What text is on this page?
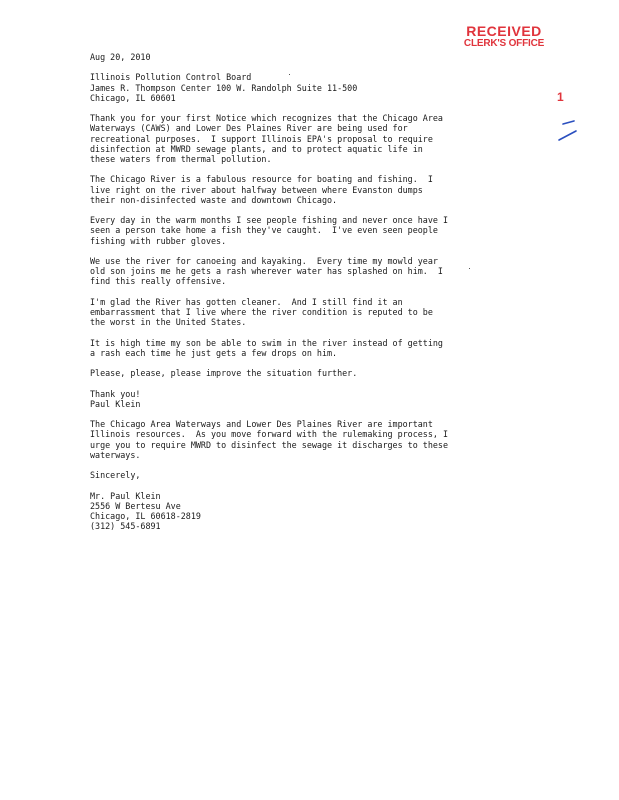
RECEIVED
CLERK'S OFFICE
1

Aug 20, 2010

Illinois Pollution Control Board

James R. Thompson Center 100 W. Randolph Suite 11-500

Chicago, IL 60601

Thank you for your first Notice which recognizes that the Chicago Area

Waterways (CAWS) and Lower Des Plaines River are being used for

recreational purposes.  I support Illinois EPA's proposal to require

disinfection at MWRD sewage plants, and to protect aquatic life in

these waters from thermal pollution.

The Chicago River is a fabulous resource for boating and fishing.  I

live right on the river about halfway between where Evanston dumps

their non-disinfected waste and downtown Chicago.

Every day in the warm months I see people fishing and never once have I

seen a person take home a fish they've caught.  I've even seen people

fishing with rubber gloves.

We use the river for canoeing and kayaking.  Every time my mowld year

old son joins me he gets a rash wherever water has splashed on him.  I

find this really offensive.

I'm glad the River has gotten cleaner.  And I still find it an

embarrassment that I live where the river condition is reputed to be

the worst in the United States.

It is high time my son be able to swim in the river instead of getting

a rash each time he just gets a few drops on him.

Please, please, please improve the situation further.

Thank you!

Paul Klein

The Chicago Area Waterways and Lower Des Plaines River are important

Illinois resources.  As you move forward with the rulemaking process, I

urge you to require MWRD to disinfect the sewage it discharges to these

waterways.

Sincerely,

Mr. Paul Klein

2556 W Bertesu Ave

Chicago, IL 60618-2819

(312) 545-6891
